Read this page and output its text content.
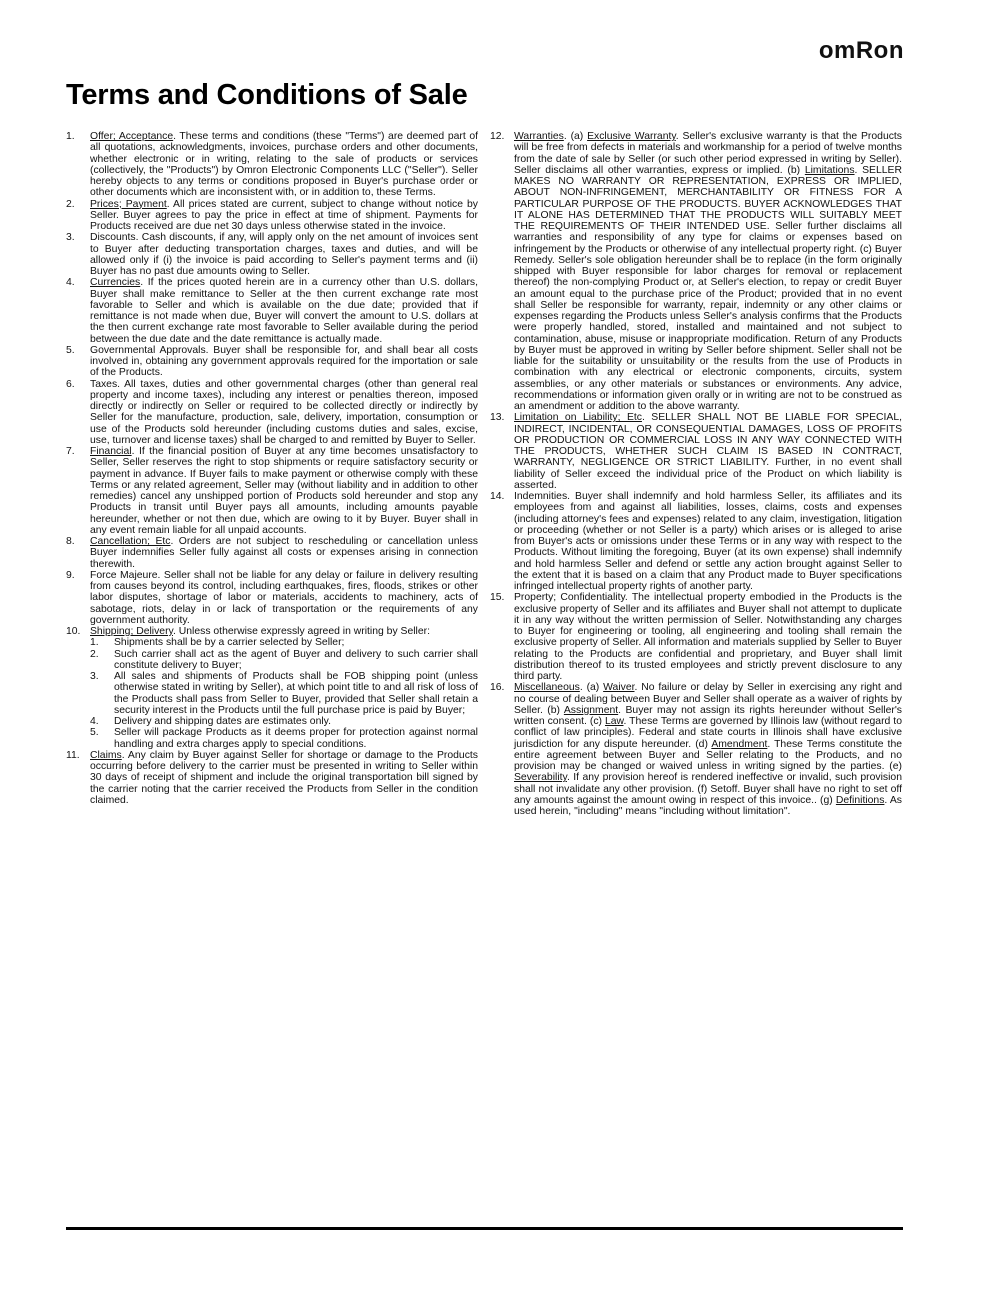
omRon
Terms and Conditions of Sale
1. Offer; Acceptance. These terms and conditions (these "Terms") are deemed part of all quotations, acknowledgments, invoices, purchase orders and other documents, whether electronic or in writing, relating to the sale of products or services (collectively, the "Products") by Omron Electronic Components LLC ("Seller"). Seller hereby objects to any terms or conditions proposed in Buyer's purchase order or other documents which are inconsistent with, or in addition to, these Terms.
2. Prices; Payment. All prices stated are current, subject to change without notice by Seller. Buyer agrees to pay the price in effect at time of shipment. Payments for Products received are due net 30 days unless otherwise stated in the invoice.
3. Discounts. Cash discounts, if any, will apply only on the net amount of invoices sent to Buyer after deducting transportation charges, taxes and duties, and will be allowed only if (i) the invoice is paid according to Seller's payment terms and (ii) Buyer has no past due amounts owing to Seller.
4. Currencies. If the prices quoted herein are in a currency other than U.S. dollars, Buyer shall make remittance to Seller at the then current exchange rate most favorable to Seller and which is available on the due date; provided that if remittance is not made when due, Buyer will convert the amount to U.S. dollars at the then current exchange rate most favorable to Seller available during the period between the due date and the date remittance is actually made.
5. Governmental Approvals. Buyer shall be responsible for, and shall bear all costs involved in, obtaining any government approvals required for the importation or sale of the Products.
6. Taxes. All taxes, duties and other governmental charges (other than general real property and income taxes), including any interest or penalties thereon, imposed directly or indirectly on Seller or required to be collected directly or indirectly by Seller for the manufacture, production, sale, delivery, importation, consumption or use of the Products sold hereunder (including customs duties and sales, excise, use, turnover and license taxes) shall be charged to and remitted by Buyer to Seller.
7. Financial. If the financial position of Buyer at any time becomes unsatisfactory to Seller, Seller reserves the right to stop shipments or require satisfactory security or payment in advance. If Buyer fails to make payment or otherwise comply with these Terms or any related agreement, Seller may (without liability and in addition to other remedies) cancel any unshipped portion of Products sold hereunder and stop any Products in transit until Buyer pays all amounts, including amounts payable hereunder, whether or not then due, which are owing to it by Buyer. Buyer shall in any event remain liable for all unpaid accounts.
8. Cancellation; Etc. Orders are not subject to rescheduling or cancellation unless Buyer indemnifies Seller fully against all costs or expenses arising in connection therewith.
9. Force Majeure. Seller shall not be liable for any delay or failure in delivery resulting from causes beyond its control, including earthquakes, fires, floods, strikes or other labor disputes, shortage of labor or materials, accidents to machinery, acts of sabotage, riots, delay in or lack of transportation or the requirements of any government authority.
10. Shipping; Delivery. Unless otherwise expressly agreed in writing by Seller:
1. Shipments shall be by a carrier selected by Seller;
2. Such carrier shall act as the agent of Buyer and delivery to such carrier shall constitute delivery to Buyer;
3. All sales and shipments of Products shall be FOB shipping point (unless otherwise stated in writing by Seller), at which point title to and all risk of loss of the Products shall pass from Seller to Buyer, provided that Seller shall retain a security interest in the Products until the full purchase price is paid by Buyer;
4. Delivery and shipping dates are estimates only.
5. Seller will package Products as it deems proper for protection against normal handling and extra charges apply to special conditions.
11. Claims. Any claim by Buyer against Seller for shortage or damage to the Products occurring before delivery to the carrier must be presented in writing to Seller within 30 days of receipt of shipment and include the original transportation bill signed by the carrier noting that the carrier received the Products from Seller in the condition claimed.
12. Warranties. (a) Exclusive Warranty. Seller's exclusive warranty is that the Products will be free from defects in materials and workmanship for a period of twelve months from the date of sale by Seller (or such other period expressed in writing by Seller). Seller disclaims all other warranties, express or implied. (b) Limitations. SELLER MAKES NO WARRANTY OR REPRESENTATION, EXPRESS OR IMPLIED, ABOUT NON-INFRINGEMENT, MERCHANTABILITY OR FITNESS FOR A PARTICULAR PURPOSE OF THE PRODUCTS. BUYER ACKNOWLEDGES THAT IT ALONE HAS DETERMINED THAT THE PRODUCTS WILL SUITABLY MEET THE REQUIREMENTS OF THEIR INTENDED USE. Seller further disclaims all warranties and responsibility of any type for claims or expenses based on infringement by the Products or otherwise of any intellectual property right. (c) Buyer Remedy. Seller's sole obligation hereunder shall be to replace (in the form originally shipped with Buyer responsible for labor charges for removal or replacement thereof) the non-complying Product or, at Seller's election, to repay or credit Buyer an amount equal to the purchase price of the Product; provided that in no event shall Seller be responsible for warranty, repair, indemnity or any other claims or expenses regarding the Products unless Seller's analysis confirms that the Products were properly handled, stored, installed and maintained and not subject to contamination, abuse, misuse or inappropriate modification. Return of any Products by Buyer must be approved in writing by Seller before shipment. Seller shall not be liable for the suitability or unsuitability or the results from the use of Products in combination with any electrical or electronic components, circuits, system assemblies, or any other materials or substances or environments. Any advice, recommendations or information given orally or in writing are not to be construed as an amendment or addition to the above warranty.
13. Limitation on Liability; Etc. SELLER SHALL NOT BE LIABLE FOR SPECIAL, INDIRECT, INCIDENTAL, OR CONSEQUENTIAL DAMAGES, LOSS OF PROFITS OR PRODUCTION OR COMMERCIAL LOSS IN ANY WAY CONNECTED WITH THE PRODUCTS, WHETHER SUCH CLAIM IS BASED IN CONTRACT, WARRANTY, NEGLIGENCE OR STRICT LIABILITY. Further, in no event shall liability of Seller exceed the individual price of the Product on which liability is asserted.
14. Indemnities. Buyer shall indemnify and hold harmless Seller, its affiliates and its employees from and against all liabilities, losses, claims, costs and expenses (including attorney's fees and expenses) related to any claim, investigation, litigation or proceeding (whether or not Seller is a party) which arises or is alleged to arise from Buyer's acts or omissions under these Terms or in any way with respect to the Products. Without limiting the foregoing, Buyer (at its own expense) shall indemnify and hold harmless Seller and defend or settle any action brought against Seller to the extent that it is based on a claim that any Product made to Buyer specifications infringed intellectual property rights of another party.
15. Property; Confidentiality. The intellectual property embodied in the Products is the exclusive property of Seller and its affiliates and Buyer shall not attempt to duplicate it in any way without the written permission of Seller. Notwithstanding any charges to Buyer for engineering or tooling, all engineering and tooling shall remain the exclusive property of Seller. All information and materials supplied by Seller to Buyer relating to the Products are confidential and proprietary, and Buyer shall limit distribution thereof to its trusted employees and strictly prevent disclosure to any third party.
16. Miscellaneous. (a) Waiver. No failure or delay by Seller in exercising any right and no course of dealing between Buyer and Seller shall operate as a waiver of rights by Seller. (b) Assignment. Buyer may not assign its rights hereunder without Seller's written consent. (c) Law. These Terms are governed by Illinois law (without regard to conflict of law principles). Federal and state courts in Illinois shall have exclusive jurisdiction for any dispute hereunder. (d) Amendment. These Terms constitute the entire agreement between Buyer and Seller relating to the Products, and no provision may be changed or waived unless in writing signed by the parties. (e) Severability. If any provision hereof is rendered ineffective or invalid, such provision shall not invalidate any other provision. (f) Setoff. Buyer shall have no right to set off any amounts against the amount owing in respect of this invoice.. (g) Definitions. As used herein, "including" means "including without limitation".
